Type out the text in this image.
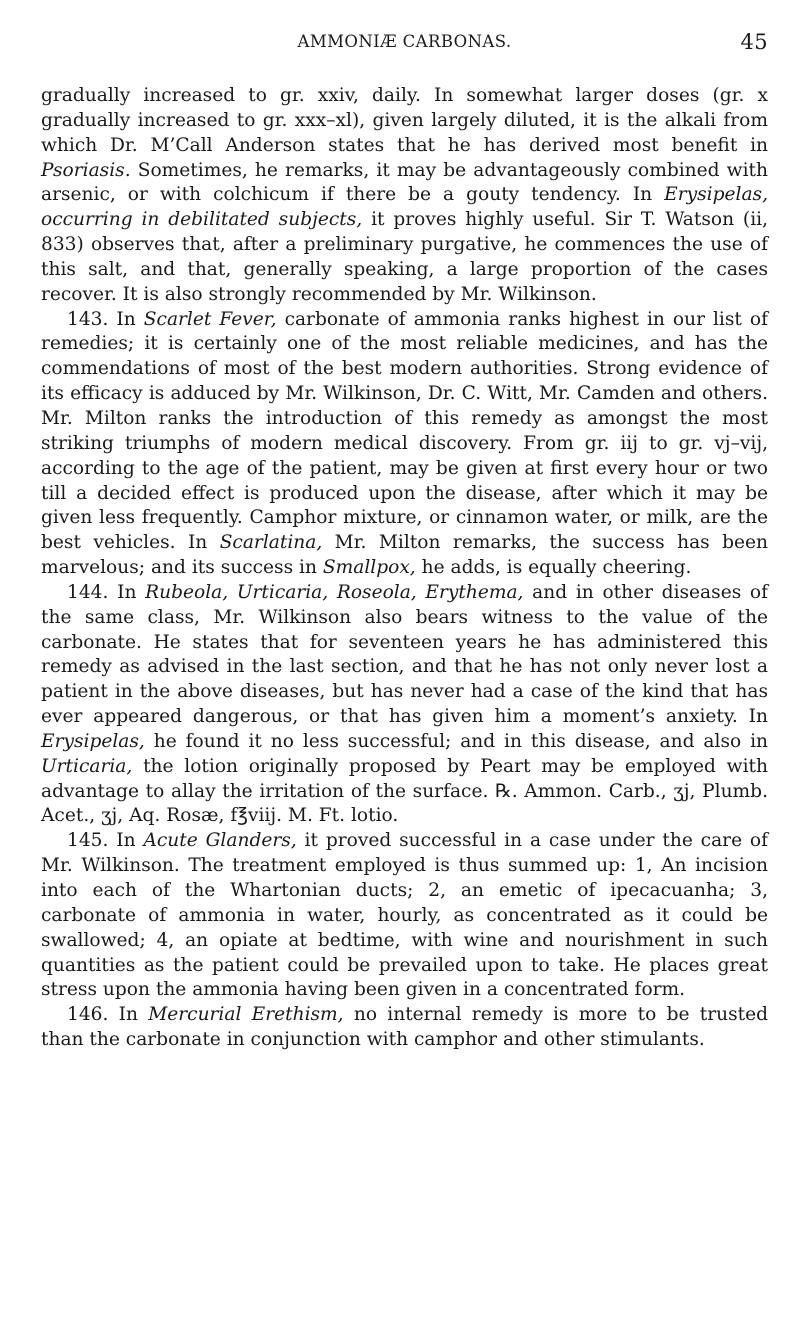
AMMONIÆ CARBONAS.	45

gradually increased to gr. xxiv, daily. In somewhat larger doses (gr. x gradually increased to gr. xxx–xl), given largely diluted, it is the alkali from which Dr. M’Call Anderson states that he has derived most benefit in Psoriasis. Sometimes, he remarks, it may be advantageously combined with arsenic, or with colchicum if there be a gouty tendency. In Erysipelas, occurring in debilitated subjects, it proves highly useful. Sir T. Watson (ii, 833) observes that, after a preliminary purgative, he commences the use of this salt, and that, generally speaking, a large proportion of the cases recover. It is also strongly recommended by Mr. Wilkinson.

143. In Scarlet Fever, carbonate of ammonia ranks highest in our list of remedies; it is certainly one of the most reliable medicines, and has the commendations of most of the best modern authorities. Strong evidence of its efficacy is adduced by Mr. Wilkinson, Dr. C. Witt, Mr. Camden and others. Mr. Milton ranks the introduction of this remedy as amongst the most striking triumphs of modern medical discovery. From gr. iij to gr. vj–vij, according to the age of the patient, may be given at first every hour or two till a decided effect is produced upon the disease, after which it may be given less frequently. Camphor mixture, or cinnamon water, or milk, are the best vehicles. In Scarlatina, Mr. Milton remarks, the success has been marvelous; and its success in Smallpox, he adds, is equally cheering.

144. In Rubeola, Urticaria, Roseola, Erythema, and in other diseases of the same class, Mr. Wilkinson also bears witness to the value of the carbonate. He states that for seventeen years he has administered this remedy as advised in the last section, and that he has not only never lost a patient in the above diseases, but has never had a case of the kind that has ever appeared dangerous, or that has given him a moment’s anxiety. In Erysipelas, he found it no less successful; and in this disease, and also in Urticaria, the lotion originally proposed by Peart may be employed with advantage to allay the irritation of the surface. ℞. Ammon. Carb., ʒj, Plumb. Acet., ʒj, Aq. Rosæ, f℥viij. M. Ft. lotio.

145. In Acute Glanders, it proved successful in a case under the care of Mr. Wilkinson. The treatment employed is thus summed up: 1, An incision into each of the Whartonian ducts; 2, an emetic of ipecacuanha; 3, carbonate of ammonia in water, hourly, as concentrated as it could be swallowed; 4, an opiate at bedtime, with wine and nourishment in such quantities as the patient could be prevailed upon to take. He places great stress upon the ammonia having been given in a concentrated form.

146. In Mercurial Erethism, no internal remedy is more to be trusted than the carbonate in conjunction with camphor and other stimulants.
